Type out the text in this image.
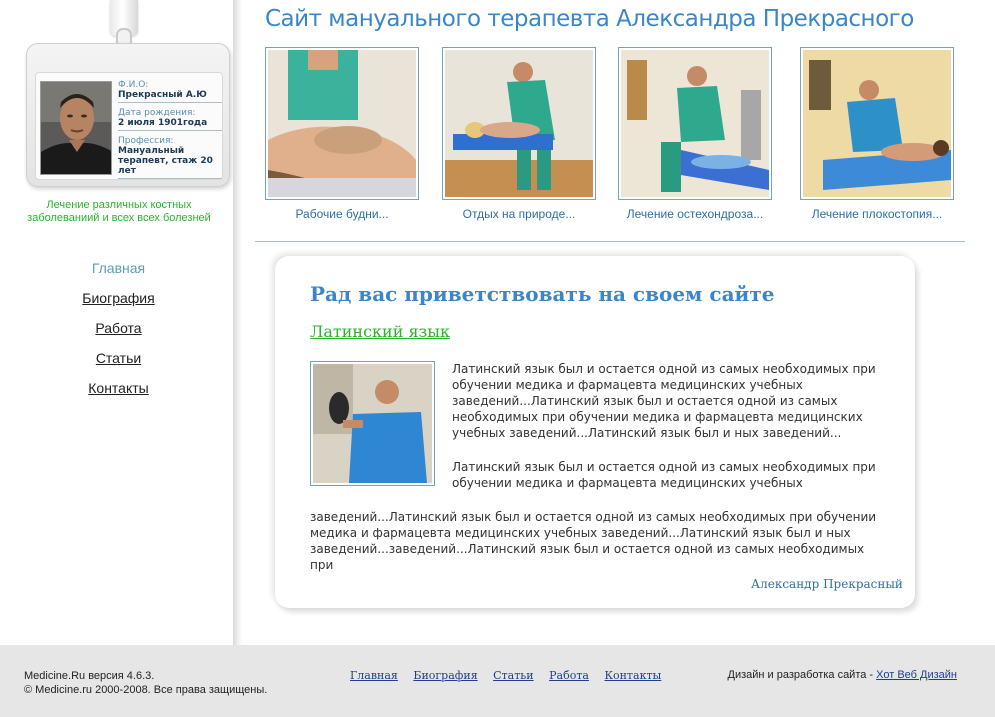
Ф.И.О:
Прекрасный А.Ю
Дата рождения:
2 июля 1901года
Профессия:
Мануальный
терапевт, стаж 20 лет
Лечение различных костных
заболеваниий и всех всех болезней
Главная
Биография
Работа
Статьи
Контакты
Сайт мануального терапевта Александра Прекрасного
Рабочие будни...	Отдых на природе...	Лечение остехондроза...	Лечение плокостопия...
Рад вас приветствовать на своем сайте
Латинский язык

Латинский язык был и остается одной из самых необходимых при обучении медика и фармацевта медицинских учебных заведений...Латинский язык был и остается одной из самых необходимых при обучении медика и фармацевта медицинских учебных заведений...Латинский язык был и ных заведений...

Латинский язык был и остается одной из самых необходимых при обучении медика и фармацевта медицинских учебных

заведений...Латинский язык был и остается одной из самых необходимых при обучении медика и фармацевта медицинских учебных заведений...Латинский язык был и ных заведений...заведений...Латинский язык был и остается одной из самых необходимых при

Александр Прекрасный
Medicine.Ru версия 4.6.3.
© Medicine.ru 2000-2008. Все права защищены.
Главная Биография Статьи Работа Контакты	Дизайн и разработка сайта - Хот Веб Дизайн
